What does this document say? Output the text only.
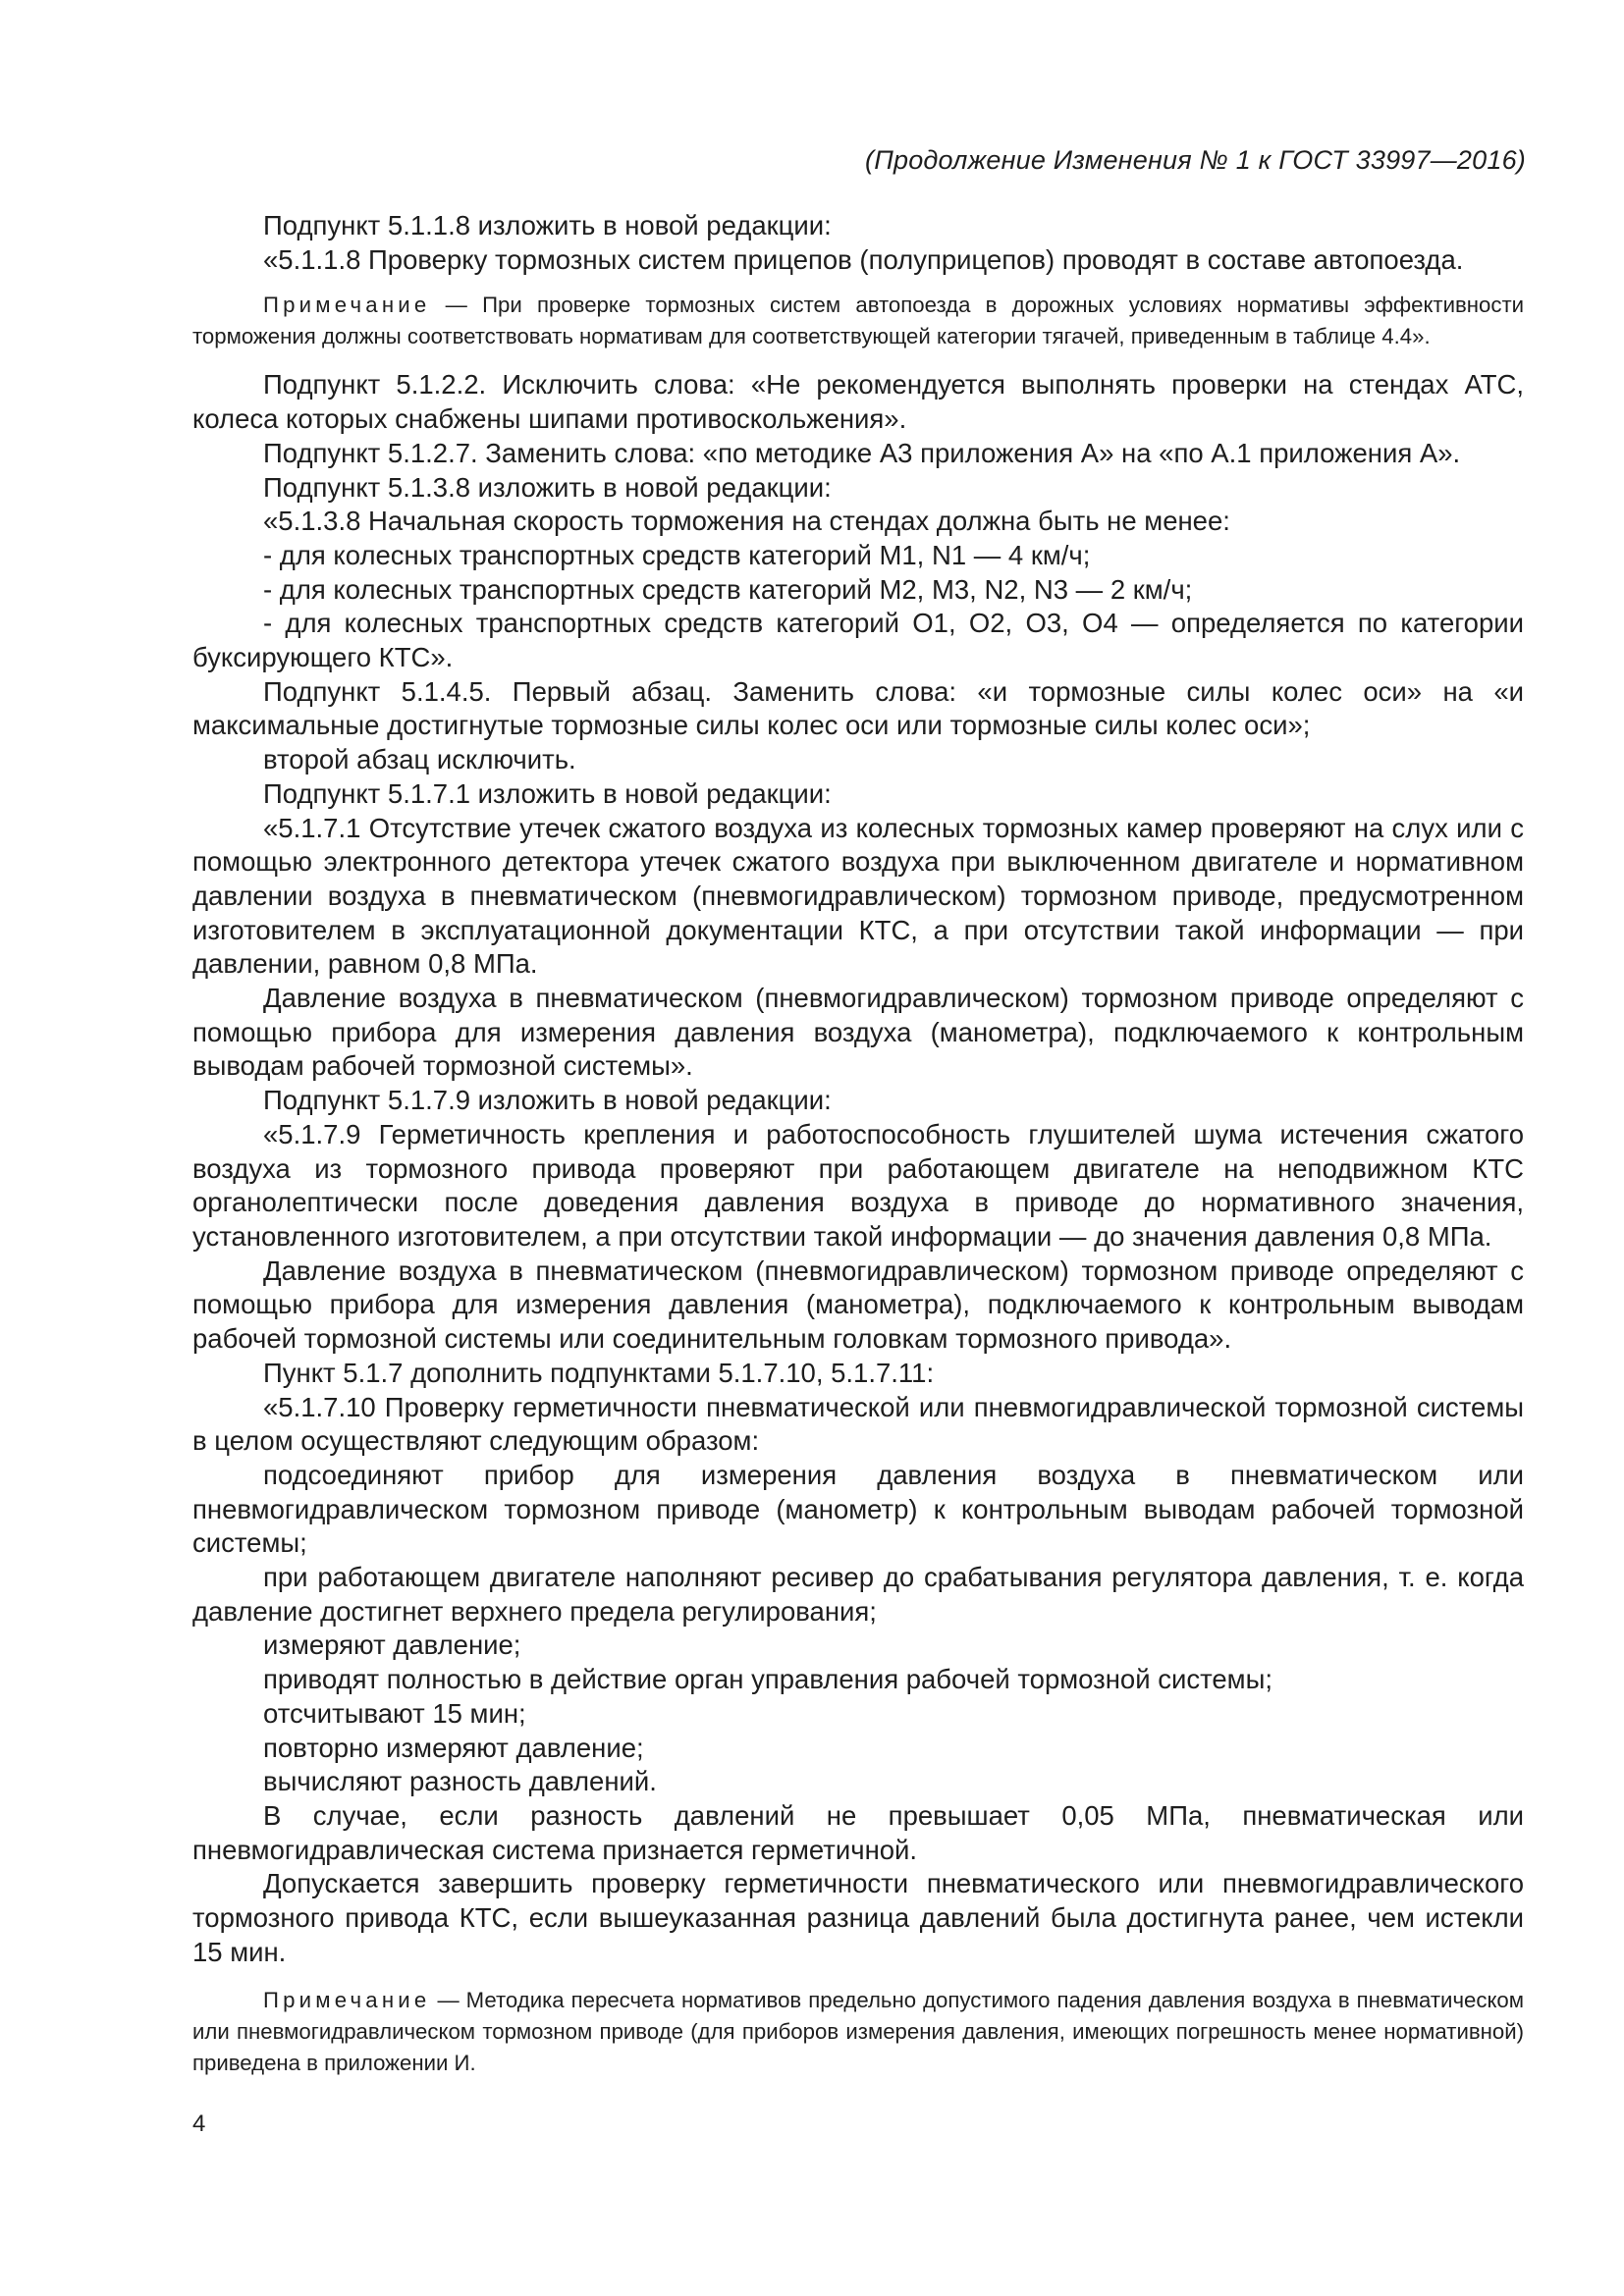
(Продолжение Изменения № 1 к ГОСТ 33997—2016)

Подпункт 5.1.1.8 изложить в новой редакции:

«5.1.1.8 Проверку тормозных систем прицепов (полуприцепов) проводят в составе автопоезда.

Примечание — При проверке тормозных систем автопоезда в дорожных условиях нормативы эффективности торможения должны соответствовать нормативам для соответствующей категории тягачей, приведенным в таблице 4.4».

Подпункт 5.1.2.2. Исключить слова: «Не рекомендуется выполнять проверки на стендах АТС, колеса которых снабжены шипами противоскольжения».

Подпункт 5.1.2.7. Заменить слова: «по методике А3 приложения А» на «по А.1 приложения А».

Подпункт 5.1.3.8 изложить в новой редакции:

«5.1.3.8 Начальная скорость торможения на стендах должна быть не менее:

- для колесных транспортных средств категорий М1, N1 — 4 км/ч;

- для колесных транспортных средств категорий М2, М3, N2, N3 — 2 км/ч;

- для колесных транспортных средств категорий О1, О2, О3, О4 — определяется по категории буксирующего КТС».

Подпункт 5.1.4.5. Первый абзац. Заменить слова: «и тормозные силы колес оси» на «и максимальные достигнутые тормозные силы колес оси или тормозные силы колес оси»;

второй абзац исключить.

Подпункт 5.1.7.1 изложить в новой редакции:

«5.1.7.1 Отсутствие утечек сжатого воздуха из колесных тормозных камер проверяют на слух или с помощью электронного детектора утечек сжатого воздуха при выключенном двигателе и нормативном давлении воздуха в пневматическом (пневмогидравлическом) тормозном приводе, предусмотренном изготовителем в эксплуатационной документации КТС, а при отсутствии такой информации — при давлении, равном 0,8 МПа.

Давление воздуха в пневматическом (пневмогидравлическом) тормозном приводе определяют с помощью прибора для измерения давления воздуха (манометра), подключаемого к контрольным выводам рабочей тормозной системы».

Подпункт 5.1.7.9 изложить в новой редакции:

«5.1.7.9 Герметичность крепления и работоспособность глушителей шума истечения сжатого воздуха из тормозного привода проверяют при работающем двигателе на неподвижном КТС органолептически после доведения давления воздуха в приводе до нормативного значения, установленного изготовителем, а при отсутствии такой информации — до значения давления 0,8 МПа.

Давление воздуха в пневматическом (пневмогидравлическом) тормозном приводе определяют с помощью прибора для измерения давления (манометра), подключаемого к контрольным выводам рабочей тормозной системы или соединительным головкам тормозного привода».

Пункт 5.1.7 дополнить подпунктами 5.1.7.10, 5.1.7.11:

«5.1.7.10 Проверку герметичности пневматической или пневмогидравлической тормозной системы в целом осуществляют следующим образом:

подсоединяют прибор для измерения давления воздуха в пневматическом или пневмогидравлическом тормозном приводе (манометр) к контрольным выводам рабочей тормозной системы;

при работающем двигателе наполняют ресивер до срабатывания регулятора давления, т. е. когда давление достигнет верхнего предела регулирования;

измеряют давление;

приводят полностью в действие орган управления рабочей тормозной системы;

отсчитывают 15 мин;

повторно измеряют давление;

вычисляют разность давлений.

В случае, если разность давлений не превышает 0,05 МПа, пневматическая или пневмогидравлическая система признается герметичной.

Допускается завершить проверку герметичности пневматического или пневмогидравлического тормозного привода КТС, если вышеуказанная разница давлений была достигнута ранее, чем истекли 15 мин.

Примечание — Методика пересчета нормативов предельно допустимого падения давления воздуха в пневматическом или пневмогидравлическом тормозном приводе (для приборов измерения давления, имеющих погрешность менее нормативной) приведена в приложении И.

4
